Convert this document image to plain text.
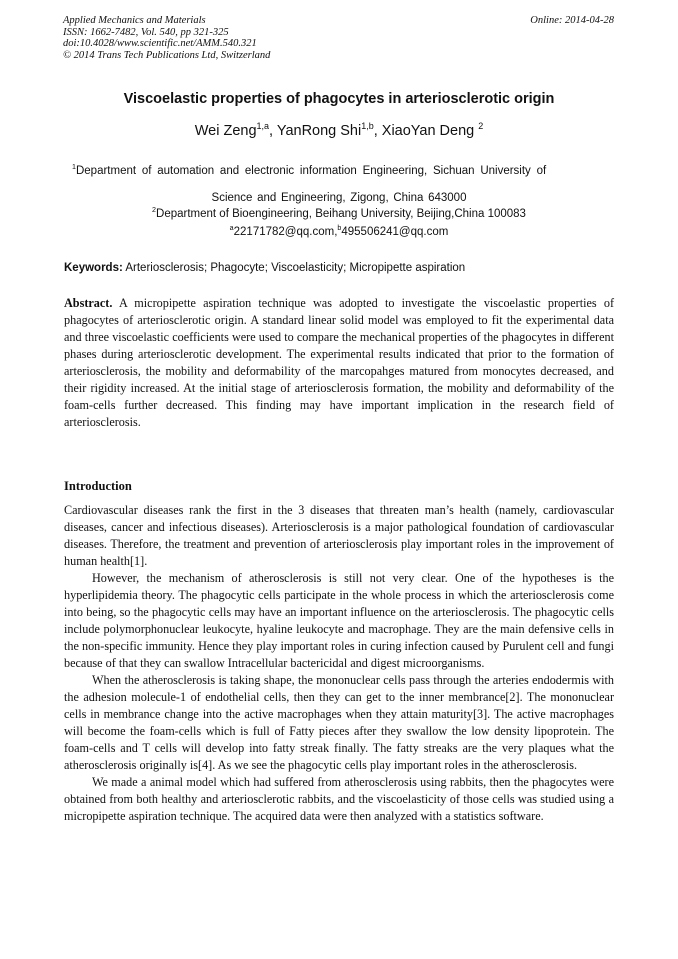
Applied Mechanics and Materials
ISSN: 1662-7482, Vol. 540, pp 321-325
doi:10.4028/www.scientific.net/AMM.540.321
© 2014 Trans Tech Publications Ltd, Switzerland
Online: 2014-04-28
Viscoelastic properties of phagocytes in arteriosclerotic origin
Wei Zeng$^{1,a}$, YanRong Shi$^{1,b}$, XiaoYan Deng $^2$
$^1$Department of automation and electronic information Engineering, Sichuan University of
Science and Engineering, Zigong, China 643000
$^2$Department of Bioengineering, Beihang University, Beijing,China 100083
$^a$22171782@qq.com,$^b$495506241@qq.com
Keywords: Arteriosclerosis; Phagocyte; Viscoelasticity; Micropipette aspiration
Abstract. A micropipette aspiration technique was adopted to investigate the viscoelastic properties of phagocytes of arteriosclerotic origin. A standard linear solid model was employed to fit the experimental data and three viscoelastic coefficients were used to compare the mechanical properties of the phagocytes in different phases during arteriosclerotic development. The experimental results indicated that prior to the formation of arteriosclerosis, the mobility and deformability of the marcopahges matured from monocytes decreased, and their rigidity increased. At the initial stage of arteriosclerosis formation, the mobility and deformability of the foam-cells further decreased. This finding may have important implication in the research field of arteriosclerosis.
Introduction

Cardiovascular diseases rank the first in the 3 diseases that threaten man’s health (namely, cardiovascular diseases, cancer and infectious diseases). Arteriosclerosis is a major pathological foundation of cardiovascular diseases. Therefore, the treatment and prevention of arteriosclerosis play important roles in the improvement of human health[1].

However, the mechanism of atherosclerosis is still not very clear. One of the hypotheses is the hyperlipidemia theory. The phagocytic cells participate in the whole process in which the arteriosclerosis come into being, so the phagocytic cells may have an important influence on the arteriosclerosis. The phagocytic cells include polymorphonuclear leukocyte, hyaline leukocyte and macrophage. They are the main defensive cells in the non-specific immunity. Hence they play important roles in curing infection caused by Purulent cell and fungi because of that they can swallow Intracellular bactericidal and digest microorganisms.

When the atherosclerosis is taking shape, the mononuclear cells pass through the arteries endodermis with the adhesion molecule-1 of endothelial cells, then they can get to the inner membrance[2]. The mononuclear cells in membrance change into the active macrophages when they attain maturity[3]. The active macrophages will become the foam-cells which is full of Fatty pieces after they swallow the low density lipoprotein. The foam-cells and T cells will develop into fatty streak finally. The fatty streaks are the very plaques what the atherosclerosis originally is[4]. As we see the phagocytic cells play important roles in the atherosclerosis.

We made a animal model which had suffered from atherosclerosis using rabbits, then the phagocytes were obtained from both healthy and arteriosclerotic rabbits, and the viscoelasticity of those cells was studied using a micropipette aspiration technique. The acquired data were then analyzed with a statistics software.
